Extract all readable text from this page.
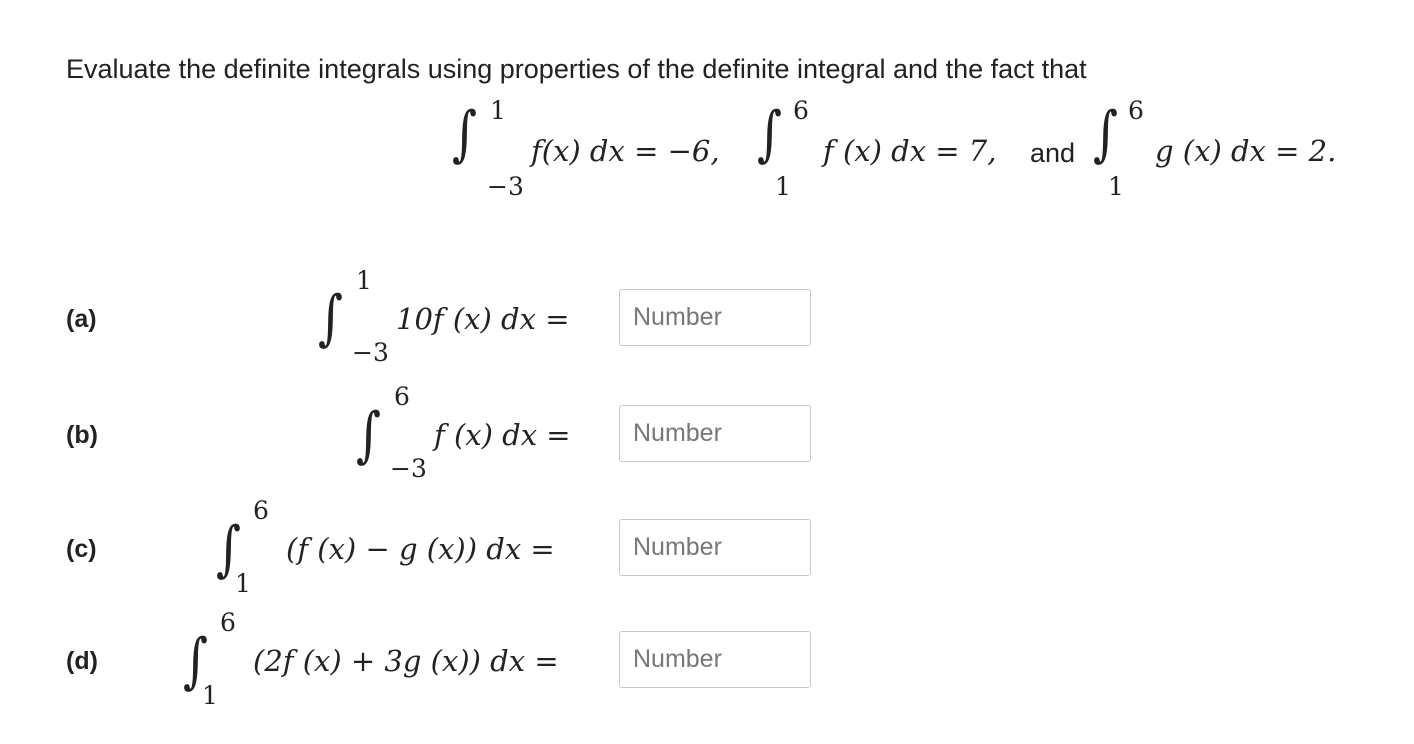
Evaluate the definite integrals using properties of the definite integral and the fact that
∫ 1
−3
f(x) dx = −6, ∫ 6
1
f (x) dx = 7, and ∫ 6
1
g (x) dx = 2.
(a)	∫
1
−3
10f (x) dx =
Number
(b)	∫
6
−3
f (x) dx =
Number
(c) ∫
6
1
(f (x) − g (x)) dx =
Number
(d) ∫
6
1
(2f (x) + 3g (x)) dx =
Number
